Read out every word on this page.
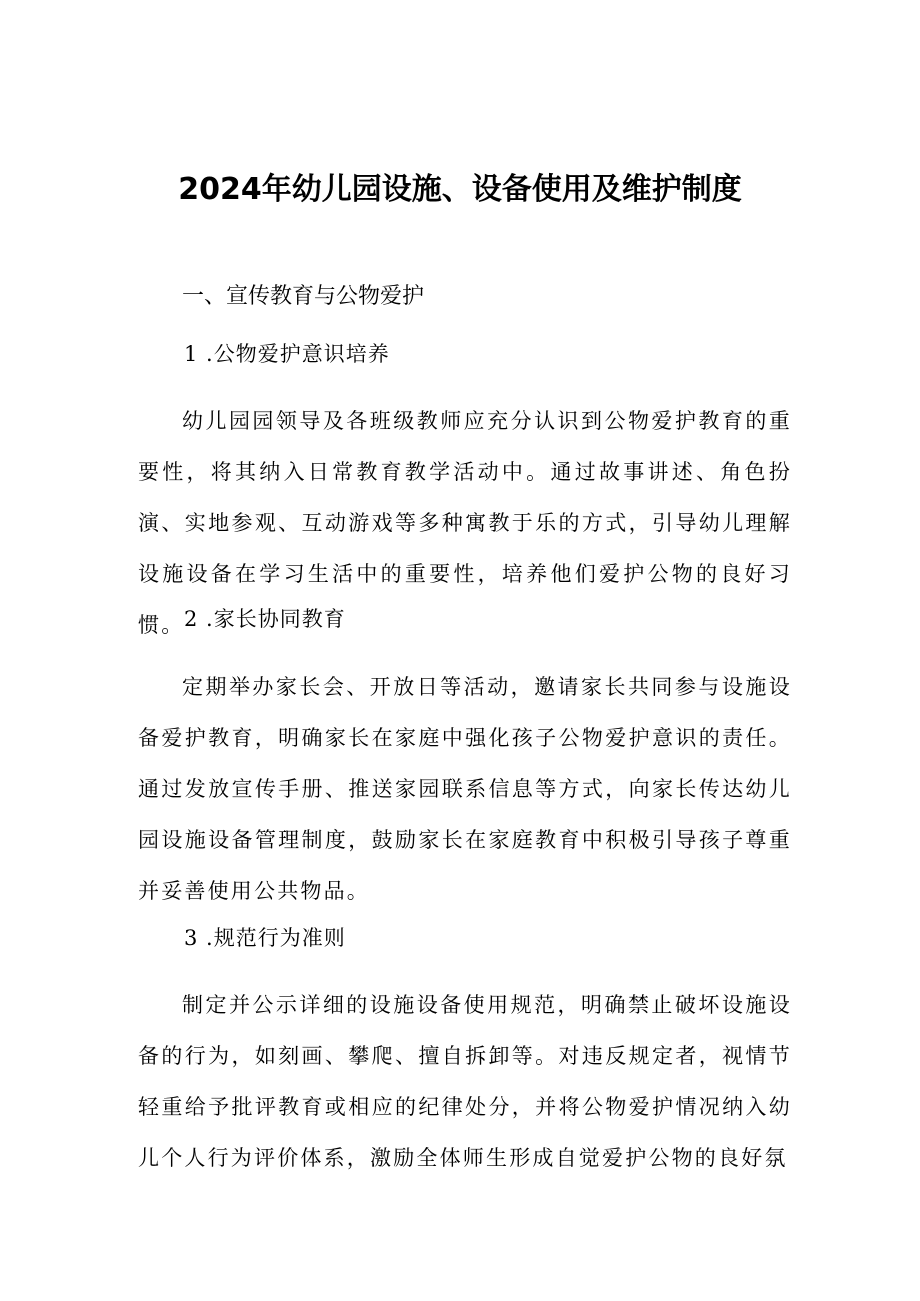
2024年幼儿园设施、设备使用及维护制度
一、宣传教育与公物爱护

1 .公物爱护意识培养

幼儿园园领导及各班级教师应充分认识到公物爱护教育的重要性，将其纳入日常教育教学活动中。通过故事讲述、角色扮演、实地参观、互动游戏等多种寓教于乐的方式，引导幼儿理解设施设备在学习生活中的重要性，培养他们爱护公物的良好习惯。 2 .家长协同教育

定期举办家长会、开放日等活动，邀请家长共同参与设施设备爱护教育，明确家长在家庭中强化孩子公物爱护意识的责任。通过发放宣传手册、推送家园联系信息等方式，向家长传达幼儿园设施设备管理制度，鼓励家长在家庭教育中积极引导孩子尊重并妥善使用公共物品。

3 .规范行为准则

制定并公示详细的设施设备使用规范，明确禁止破坏设施设备的行为，如刻画、攀爬、擅自拆卸等。对违反规定者，视情节轻重给予批评教育或相应的纪律处分，并将公物爱护情况纳入幼儿个人行为评价体系，激励全体师生形成自觉爱护公物的良好氛
